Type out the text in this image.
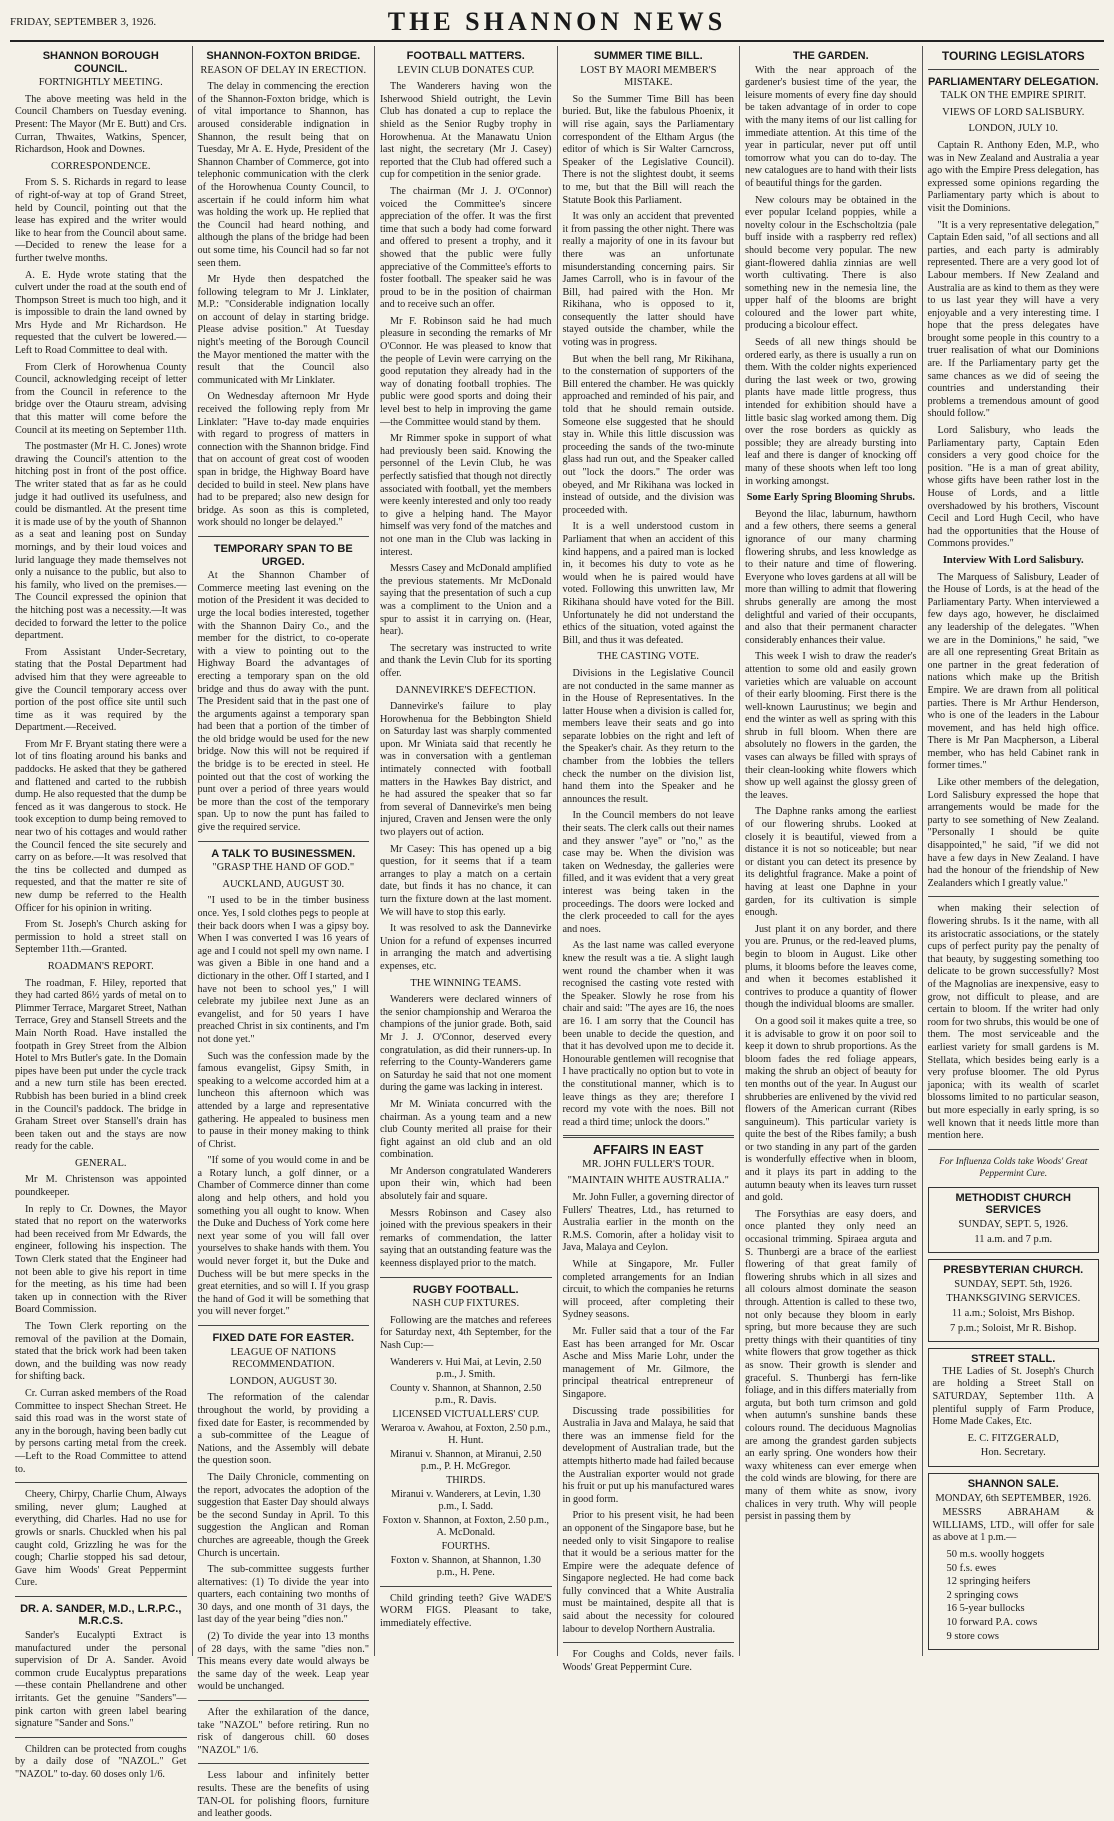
FRIDAY, SEPTEMBER 3, 1926.	THE SHANNON NEWS
SHANNON BOROUGH COUNCIL.
FORTNIGHTLY MEETING.

The above meeting was held in the Council Chambers on Tuesday evening. Present: The Mayor (Mr E. Butt) and Crs. Curran, Thwaites, Watkins, Spencer, Richardson, Hook and Downes.

CORRESPONDENCE.

From S. S. Richards in regard to lease of right-of-way at top of Grand Street, held by Council, pointing out that the lease has expired and the writer would like to hear from the Council about same.—Decided to renew the lease for a further twelve months.

A. E. Hyde wrote stating that the culvert under the road at the south end of Thompson Street is much too high, and it is impossible to drain the land owned by Mrs Hyde and Mr Richardson. He requested that the culvert be lowered.—Left to Road Committee to deal with.

From Clerk of Horowhenua County Council, acknowledging receipt of letter from the Council in reference to the bridge over the Otauru stream, advising that this matter will come before the Council at its meeting on September 11th.

The postmaster (Mr H. C. Jones) wrote drawing the Council's attention to the hitching post in front of the post office. The writer stated that as far as he could judge it had outlived its usefulness, and could be dismantled. At the present time it is made use of by the youth of Shannon as a seat and leaning post on Sunday mornings, and by their loud voices and lurid language they made themselves not only a nuisance to the public, but also to his family, who lived on the premises.—The Council expressed the opinion that the hitching post was a necessity.—It was decided to forward the letter to the police department.

From Assistant Under-Secretary, stating that the Postal Department had advised him that they were agreeable to give the Council temporary access over portion of the post office site until such time as it was required by the Department.—Received.

From Mr F. Bryant stating there were a lot of tins floating around his banks and paddocks. He asked that they be gathered and flattened and carted to the rubbish dump. He also requested that the dump be fenced as it was dangerous to stock. He took exception to dump being removed to near two of his cottages and would rather the Council fenced the site securely and carry on as before.—It was resolved that the tins be collected and dumped as requested, and that the matter re site of new dump be referred to the Health Officer for his opinion in writing.

From St. Joseph's Church asking for permission to hold a street stall on September 11th.—Granted.

ROADMAN'S REPORT.

The roadman, F. Hiley, reported that they had carted 86½ yards of metal on to Plimmer Terrace, Margaret Street, Nathan Terrace, Grey and Stansell Streets and the Main North Road. Have installed the footpath in Grey Street from the Albion Hotel to Mrs Butler's gate. In the Domain pipes have been put under the cycle track and a new turn stile has been erected. Rubbish has been buried in a blind creek in the Council's paddock. The bridge in Graham Street over Stansell's drain has been taken out and the stays are now ready for the cable.

GENERAL.

Mr M. Christenson was appointed poundkeeper.

In reply to Cr. Downes, the Mayor stated that no report on the waterworks had been received from Mr Edwards, the engineer, following his inspection. The Town Clerk stated that the Engineer had not been able to give his report in time for the meeting, as his time had been taken up in connection with the River Board Commission.

The Town Clerk reporting on the removal of the pavilion at the Domain, stated that the brick work had been taken down, and the building was now ready for shifting back.

Cr. Curran asked members of the Road Committee to inspect Shechan Street. He said this road was in the worst state of any in the borough, having been badly cut by persons carting metal from the creek.—Left to the Road Committee to attend to.

Cheery, Chirpy, Charlie Chum, Always smiling, never glum; Laughed at everything, did Charles. Had no use for growls or snarls. Chuckled when his pal caught cold, Grizzling he was for the cough; Charlie stopped his sad detour, Gave him Woods' Great Peppermint Cure.

DR. A. SANDER, M.D., L.R.P.C., M.R.C.S.

Sander's Eucalypti Extract is manufactured under the personal supervision of Dr A. Sander. Avoid common crude Eucalyptus preparations—these contain Phellandrene and other irritants. Get the genuine "Sanders"—pink carton with green label bearing signature "Sander and Sons."

Children can be protected from coughs by a daily dose of "NAZOL." Get "NAZOL" to-day. 60 doses only 1/6.

SHANNON-FOXTON BRIDGE.
REASON OF DELAY IN ERECTION.

The delay in commencing the erection of the Shannon-Foxton bridge, which is of vital importance to Shannon, has aroused considerable indignation in Shannon, the result being that on Tuesday, Mr A. E. Hyde, President of the Shannon Chamber of Commerce, got into telephonic communication with the clerk of the Horowhenua County Council, to ascertain if he could inform him what was holding the work up. He replied that the Council had heard nothing, and although the plans of the bridge had been out some time, his Council had so far not seen them.

Mr Hyde then despatched the following telegram to Mr J. Linklater, M.P.: "Considerable indignation locally on account of delay in starting bridge. Please advise position." At Tuesday night's meeting of the Borough Council the Mayor mentioned the matter with the result that the Council also communicated with Mr Linklater.

On Wednesday afternoon Mr Hyde received the following reply from Mr Linklater: "Have to-day made enquiries with regard to progress of matters in connection with the Shannon bridge. Find that on account of great cost of wooden span in bridge, the Highway Board have decided to build in steel. New plans have had to be prepared; also new design for bridge. As soon as this is completed, work should no longer be delayed."

TEMPORARY SPAN TO BE URGED.

At the Shannon Chamber of Commerce meeting last evening on the motion of the President it was decided to urge the local bodies interested, together with the Shannon Dairy Co., and the member for the district, to co-operate with a view to pointing out to the Highway Board the advantages of erecting a temporary span on the old bridge and thus do away with the punt. The President said that in the past one of the arguments against a temporary span had been that a portion of the timber of the old bridge would be used for the new bridge. Now this will not be required if the bridge is to be erected in steel. He pointed out that the cost of working the punt over a period of three years would be more than the cost of the temporary span. Up to now the punt has failed to give the required service.

A TALK TO BUSINESSMEN.
"GRASP THE HAND OF GOD."
AUCKLAND, AUGUST 30.

"I used to be in the timber business once. Yes, I sold clothes pegs to people at their back doors when I was a gipsy boy. When I was converted I was 16 years of age and I could not spell my own name. I was given a Bible in one hand and a dictionary in the other. Off I started, and I have not been to school yes," I will celebrate my jubilee next June as an evangelist, and for 50 years I have preached Christ in six continents, and I'm not done yet."

Such was the confession made by the famous evangelist, Gipsy Smith, in speaking to a welcome accorded him at a luncheon this afternoon which was attended by a large and representative gathering. He appealed to business men to pause in their money making to think of Christ.

"If some of you would come in and be a Rotary lunch, a golf dinner, or a Chamber of Commerce dinner than come along and help others, and hold you something you all ought to know. When the Duke and Duchess of York come here next year some of you will fall over yourselves to shake hands with them. You would never forget it, but the Duke and Duchess will be but mere specks in the great eternities, and so will I. If you grasp the hand of God it will be something that you will never forget."

FIXED DATE FOR EASTER.
LEAGUE OF NATIONS RECOMMENDATION.
LONDON, AUGUST 30.

The reformation of the calendar throughout the world, by providing a fixed date for Easter, is recommended by a sub-committee of the League of Nations, and the Assembly will debate the question soon.

The Daily Chronicle, commenting on the report, advocates the adoption of the suggestion that Easter Day should always be the second Sunday in April. To this suggestion the Anglican and Roman churches are agreeable, though the Greek Church is uncertain.

The sub-committee suggests further alternatives: (1) To divide the year into quarters, each containing two months of 30 days, and one month of 31 days, the last day of the year being "dies non."

(2) To divide the year into 13 months of 28 days, with the same "dies non." This means every date would always be the same day of the week. Leap year would be unchanged.

After the exhilaration of the dance, take "NAZOL" before retiring. Run no risk of dangerous chill. 60 doses "NAZOL" 1/6.

Less labour and infinitely better results. These are the benefits of using TAN-OL for polishing floors, furniture and leather goods.

FOOTBALL MATTERS.
LEVIN CLUB DONATES CUP.

The Wanderers having won the Isherwood Shield outright, the Levin Club has donated a cup to replace the shield as the Senior Rugby trophy in Horowhenua. At the Manawatu Union last night, the secretary (Mr J. Casey) reported that the Club had offered such a cup for competition in the senior grade.

The chairman (Mr J. J. O'Connor) voiced the Committee's sincere appreciation of the offer. It was the first time that such a body had come forward and offered to present a trophy, and it showed that the public were fully appreciative of the Committee's efforts to foster football. The speaker said he was proud to be in the position of chairman and to receive such an offer.

Mr F. Robinson said he had much pleasure in seconding the remarks of Mr O'Connor. He was pleased to know that the people of Levin were carrying on the good reputation they already had in the way of donating football trophies. The public were good sports and doing their level best to help in improving the game—the Committee would stand by them.

Mr Rimmer spoke in support of what had previously been said. Knowing the personnel of the Levin Club, he was perfectly satisfied that though not directly associated with football, yet the members were keenly interested and only too ready to give a helping hand. The Mayor himself was very fond of the matches and not one man in the Club was lacking in interest.

Messrs Casey and McDonald amplified the previous statements. Mr McDonald saying that the presentation of such a cup was a compliment to the Union and a spur to assist it in carrying on. (Hear, hear).

The secretary was instructed to write and thank the Levin Club for its sporting offer.

DANNEVIRKE'S DEFECTION.

Dannevirke's failure to play Horowhenua for the Bebbington Shield on Saturday last was sharply commented upon. Mr Winiata said that recently he was in conversation with a gentleman intimately connected with football matters in the Hawkes Bay district, and he had assured the speaker that so far from several of Dannevirke's men being injured, Craven and Jensen were the only two players out of action.

Mr Casey: This has opened up a big question, for it seems that if a team arranges to play a match on a certain date, but finds it has no chance, it can turn the fixture down at the last moment. We will have to stop this early.

It was resolved to ask the Dannevirke Union for a refund of expenses incurred in arranging the match and advertising expenses, etc.

THE WINNING TEAMS.

Wanderers were declared winners of the senior championship and Weraroa the champions of the junior grade. Both, said Mr J. J. O'Connor, deserved every congratulation, as did their runners-up. In referring to the County-Wanderers game on Saturday he said that not one moment during the game was lacking in interest.

Mr M. Winiata concurred with the chairman. As a young team and a new club County merited all praise for their fight against an old club and an old combination.

Mr Anderson congratulated Wanderers upon their win, which had been absolutely fair and square.

Messrs Robinson and Casey also joined with the previous speakers in their remarks of commendation, the latter saying that an outstanding feature was the keenness displayed prior to the match.

RUGBY FOOTBALL.
NASH CUP FIXTURES.

Following are the matches and referees for Saturday next, 4th September, for the Nash Cup:—

Wanderers v. Hui Mai, at Levin, 2.50 p.m., J. Smith.
County v. Shannon, at Shannon, 2.50 p.m., R. Davis.
LICENSED VICTUALLERS' CUP.
Weraroa v. Awahou, at Foxton, 2.50 p.m., H. Hunt.
Miranui v. Shannon, at Miranui, 2.50 p.m., P. H. McGregor.
THIRDS.
Miranui v. Wanderers, at Levin, 1.30 p.m., I. Sadd.
Foxton v. Shannon, at Foxton, 2.50 p.m., A. McDonald.
FOURTHS.
Foxton v. Shannon, at Shannon, 1.30 p.m., H. Pene.

Child grinding teeth? Give WADE'S WORM FIGS. Pleasant to take, immediately effective.

SUMMER TIME BILL.
LOST BY MAORI MEMBER'S MISTAKE.

So the Summer Time Bill has been buried. But, like the fabulous Phoenix, it will rise again, says the Parliamentary correspondent of the Eltham Argus (the editor of which is Sir Walter Carncross, Speaker of the Legislative Council). There is not the slightest doubt, it seems to me, but that the Bill will reach the Statute Book this Parliament.

It was only an accident that prevented it from passing the other night. There was really a majority of one in its favour but there was an unfortunate misunderstanding concerning pairs. Sir James Carroll, who is in favour of the Bill, had paired with the Hon. Mr Rikihana, who is opposed to it, consequently the latter should have stayed outside the chamber, while the voting was in progress.

But when the bell rang, Mr Rikihana, to the consternation of supporters of the Bill entered the chamber. He was quickly approached and reminded of his pair, and told that he should remain outside. Someone else suggested that he should stay in. While this little discussion was proceeding the sands of the two-minute glass had run out, and the Speaker called out "lock the doors." The order was obeyed, and Mr Rikihana was locked in instead of outside, and the division was proceeded with.

It is a well understood custom in Parliament that when an accident of this kind happens, and a paired man is locked in, it becomes his duty to vote as he would when he is paired would have voted. Following this unwritten law, Mr Rikihana should have voted for the Bill. Unfortunately he did not understand the ethics of the situation, voted against the Bill, and thus it was defeated.

THE CASTING VOTE.

Divisions in the Legislative Council are not conducted in the same manner as in the House of Representatives. In the latter House when a division is called for, members leave their seats and go into separate lobbies on the right and left of the Speaker's chair. As they return to the chamber from the lobbies the tellers check the number on the division list, hand them into the Speaker and he announces the result.

In the Council members do not leave their seats. The clerk calls out their names and they answer "aye" or "no," as the case may be. When the division was taken on Wednesday, the galleries were filled, and it was evident that a very great interest was being taken in the proceedings. The doors were locked and the clerk proceeded to call for the ayes and noes.

As the last name was called everyone knew the result was a tie. A slight laugh went round the chamber when it was recognised the casting vote rested with the Speaker. Slowly he rose from his chair and said: "The ayes are 16, the noes are 16. I am sorry that the Council has been unable to decide the question, and that it has devolved upon me to decide it. Honourable gentlemen will recognise that I have practically no option but to vote in the constitutional manner, which is to leave things as they are; therefore I record my vote with the noes. Bill not read a third time; unlock the doors."

AFFAIRS IN EAST
MR. JOHN FULLER'S TOUR.
"MAINTAIN WHITE AUSTRALIA."

Mr. John Fuller, a governing director of Fullers' Theatres, Ltd., has returned to Australia earlier in the month on the R.M.S. Comorin, after a holiday visit to Java, Malaya and Ceylon.

While at Singapore, Mr. Fuller completed arrangements for an Indian circuit, to which the companies he returns will proceed, after completing their Sydney seasons.

Mr. Fuller said that a tour of the Far East has been arranged for Mr. Oscar Asche and Miss Marie Lohr, under the management of Mr. Gilmore, the principal theatrical entrepreneur of Singapore.

Discussing trade possibilities for Australia in Java and Malaya, he said that there was an immense field for the development of Australian trade, but the attempts hitherto made had failed because the Australian exporter would not grade his fruit or put up his manufactured wares in good form.

Prior to his present visit, he had been an opponent of the Singapore base, but he needed only to visit Singapore to realise that it would be a serious matter for the Empire were the adequate defence of Singapore neglected. He had come back fully convinced that a White Australia must be maintained, despite all that is said about the necessity for coloured labour to develop Northern Australia.

For Coughs and Colds, never fails. Woods' Great Peppermint Cure.

THE GARDEN.

With the near approach of the gardener's busiest time of the year, the leisure moments of every fine day should be taken advantage of in order to cope with the many items of our list calling for immediate attention. At this time of the year in particular, never put off until tomorrow what you can do to-day. The new catalogues are to hand with their lists of beautiful things for the garden.

New colours may be obtained in the ever popular Iceland poppies, while a novelty colour in the Eschscholtzia (pale buff inside with a raspberry red reflex) should become very popular. The new giant-flowered dahlia zinnias are well worth cultivating. There is also something new in the nemesia line, the upper half of the blooms are bright coloured and the lower part white, producing a bicolour effect.

Seeds of all new things should be ordered early, as there is usually a run on them. With the colder nights experienced during the last week or two, growing plants have made little progress, thus intended for exhibition should have a little basic slag worked among them. Dig over the rose borders as quickly as possible; they are already bursting into leaf and there is danger of knocking off many of these shoots when left too long in working amongst.

Some Early Spring Blooming Shrubs.

Beyond the lilac, laburnum, hawthorn and a few others, there seems a general ignorance of our many charming flowering shrubs, and less knowledge as to their nature and time of flowering. Everyone who loves gardens at all will be more than willing to admit that flowering shrubs generally are among the most delightful and varied of their occupants, and also that their permanent character considerably enhances their value.

This week I wish to draw the reader's attention to some old and easily grown varieties which are valuable on account of their early blooming. First there is the well-known Laurustinus; we begin and end the winter as well as spring with this shrub in full bloom. When there are absolutely no flowers in the garden, the vases can always be filled with sprays of their clean-looking white flowers which show up well against the glossy green of the leaves.

The Daphne ranks among the earliest of our flowering shrubs. Looked at closely it is beautiful, viewed from a distance it is not so noticeable; but near or distant you can detect its presence by its delightful fragrance. Make a point of having at least one Daphne in your garden, for its cultivation is simple enough.

Just plant it on any border, and there you are. Prunus, or the red-leaved plums, begin to bloom in August. Like other plums, it blooms before the leaves come, and when it becomes established it contrives to produce a quantity of flower though the individual blooms are smaller.

On a good soil it makes quite a tree, so it is advisable to grow it on poor soil to keep it down to shrub proportions. As the bloom fades the red foliage appears, making the shrub an object of beauty for ten months out of the year. In August our shrubberies are enlivened by the vivid red flowers of the American currant (Ribes sanguineum). This particular variety is quite the best of the Ribes family; a bush or two standing in any part of the garden is wonderfully effective when in bloom, and it plays its part in adding to the autumn beauty when its leaves turn russet and gold.

The Forsythias are easy doers, and once planted they only need an occasional trimming. Spiraea arguta and S. Thunbergi are a brace of the earliest flowering of that great family of flowering shrubs which in all sizes and all colours almost dominate the season through. Attention is called to these two, not only because they bloom in early spring, but more because they are such pretty things with their quantities of tiny white flowers that grow together as thick as snow. Their growth is slender and graceful. S. Thunbergi has fern-like foliage, and in this differs materially from arguta, but both turn crimson and gold when autumn's sunshine bands these colours round. The deciduous Magnolias are among the grandest garden subjects an early spring. One wonders how their waxy whiteness can ever emerge when the cold winds are blowing, for there are many of them white as snow, ivory chalices in very truth. Why will people persist in passing them by

TOURING LEGISLATORS
PARLIAMENTARY DELEGATION.
TALK ON THE EMPIRE SPIRIT.
VIEWS OF LORD SALISBURY.
LONDON, JULY 10.

Captain R. Anthony Eden, M.P., who was in New Zealand and Australia a year ago with the Empire Press delegation, has expressed some opinions regarding the Parliamentary party which is about to visit the Dominions.

"It is a very representative delegation," Captain Eden said, "of all sections and all parties, and each party is admirably represented. There are a very good lot of Labour members. If New Zealand and Australia are as kind to them as they were to us last year they will have a very enjoyable and a very interesting time. I hope that the press delegates have brought some people in this country to a truer realisation of what our Dominions are. If the Parliamentary party get the same chances as we did of seeing the countries and understanding their problems a tremendous amount of good should follow."

Lord Salisbury, who leads the Parliamentary party, Captain Eden considers a very good choice for the position. "He is a man of great ability, whose gifts have been rather lost in the House of Lords, and a little overshadowed by his brothers, Viscount Cecil and Lord Hugh Cecil, who have had the opportunities that the House of Commons provides."

Interview With Lord Salisbury.

The Marquess of Salisbury, Leader of the House of Lords, is at the head of the Parliamentary Party. When interviewed a few days ago, however, he disclaimed any leadership of the delegates. "When we are in the Dominions," he said, "we are all one representing Great Britain as one partner in the great federation of nations which make up the British Empire. We are drawn from all political parties. There is Mr Arthur Henderson, who is one of the leaders in the Labour movement, and has held high office. There is Mr Pan Macpherson, a Liberal member, who has held Cabinet rank in former times."

Like other members of the delegation, Lord Salisbury expressed the hope that arrangements would be made for the party to see something of New Zealand. "Personally I should be quite disappointed," he said, "if we did not have a few days in New Zealand. I have had the honour of the friendship of New Zealanders which I greatly value."

when making their selection of flowering shrubs. Is it the name, with all its aristocratic associations, or the stately cups of perfect purity pay the penalty of that beauty, by suggesting something too delicate to be grown successfully? Most of the Magnolias are inexpensive, easy to grow, not difficult to please, and are certain to bloom. If the writer had only room for two shrubs, this would be one of them. The most serviceable and the earliest variety for small gardens is M. Stellata, which besides being early is a very profuse bloomer. The old Pyrus japonica; with its wealth of scarlet blossoms limited to no particular season, but more especially in early spring, is so well known that it needs little more than mention here.

For Influenza Colds take Woods' Great Peppermint Cure.
METHODIST CHURCH SERVICES
SUNDAY, SEPT. 5, 1926.
11 a.m. and 7 p.m.
PRESBYTERIAN CHURCH.
SUNDAY, SEPT. 5th, 1926.
THANKSGIVING SERVICES.
11 a.m.; Soloist, Mrs Bishop.
7 p.m.; Soloist, Mr R. Bishop.
STREET STALL.

THE Ladies of St. Joseph's Church are holding a Street Stall on SATURDAY, September 11th. A plentiful supply of Farm Produce, Home Made Cakes, Etc.

E. C. FITZGERALD,
Hon. Secretary.
SHANNON SALE.
MONDAY, 6th SEPTEMBER, 1926.

MESSRS ABRAHAM & WILLIAMS, LTD., will offer for sale as above at 1 p.m.—

50 m.s. woolly hoggets
50 f.s. ewes
12 springing heifers
2 springing cows
16 5-year bullocks
10 forward P.A. cows
9 store cows
